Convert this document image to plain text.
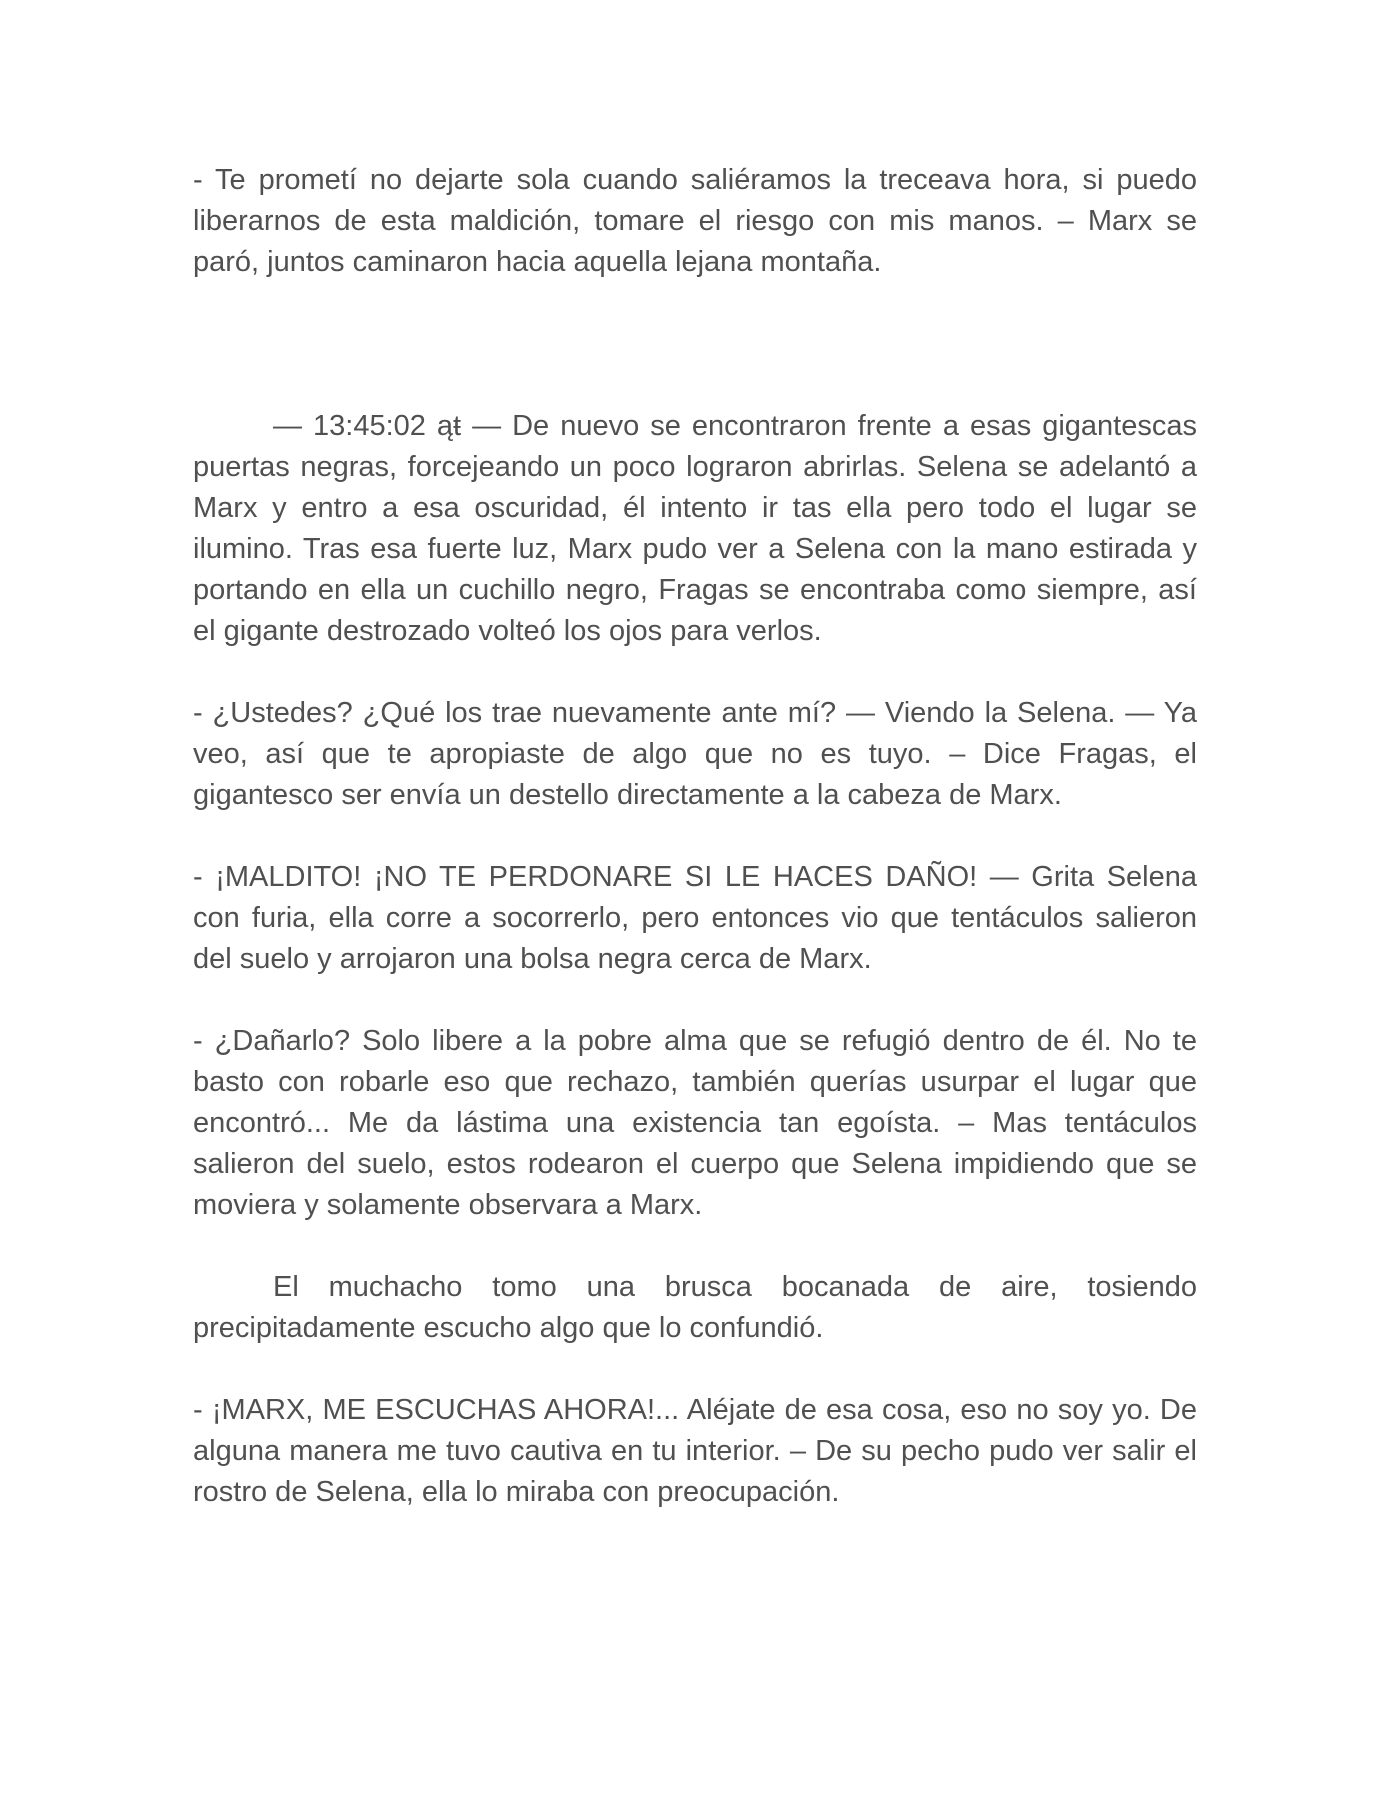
- Te prometí no dejarte sola cuando saliéramos la treceava hora, si puedo liberarnos de esta maldición, tomare el riesgo con mis manos. – Marx se paró, juntos caminaron hacia aquella lejana montaña.

— 13:45:02 ąŧ — De nuevo se encontraron frente a esas gigantescas puertas negras, forcejeando un poco lograron abrirlas. Selena se adelantó a Marx y entro a esa oscuridad, él intento ir tas ella pero todo el lugar se ilumino. Tras esa fuerte luz, Marx pudo ver a Selena con la mano estirada y portando en ella un cuchillo negro, Fragas se encontraba como siempre, así el gigante destrozado volteó los ojos para verlos.

- ¿Ustedes? ¿Qué los trae nuevamente ante mí? — Viendo la Selena. — Ya veo, así que te apropiaste de algo que no es tuyo. – Dice Fragas, el gigantesco ser envía un destello directamente a la cabeza de Marx.

- ¡MALDITO! ¡NO TE PERDONARE SI LE HACES DAÑO! — Grita Selena con furia, ella corre a socorrerlo, pero entonces vio que tentáculos salieron del suelo y arrojaron una bolsa negra cerca de Marx.

- ¿Dañarlo? Solo libere a la pobre alma que se refugió dentro de él. No te basto con robarle eso que rechazo, también querías usurpar el lugar que encontró... Me da lástima una existencia tan egoísta. – Mas tentáculos salieron del suelo, estos rodearon el cuerpo que Selena impidiendo que se moviera y solamente observara a Marx.

El muchacho tomo una brusca bocanada de aire, tosiendo precipitadamente escucho algo que lo confundió.

- ¡MARX, ME ESCUCHAS AHORA!... Aléjate de esa cosa, eso no soy yo. De alguna manera me tuvo cautiva en tu interior. – De su pecho pudo ver salir el rostro de Selena, ella lo miraba con preocupación.
